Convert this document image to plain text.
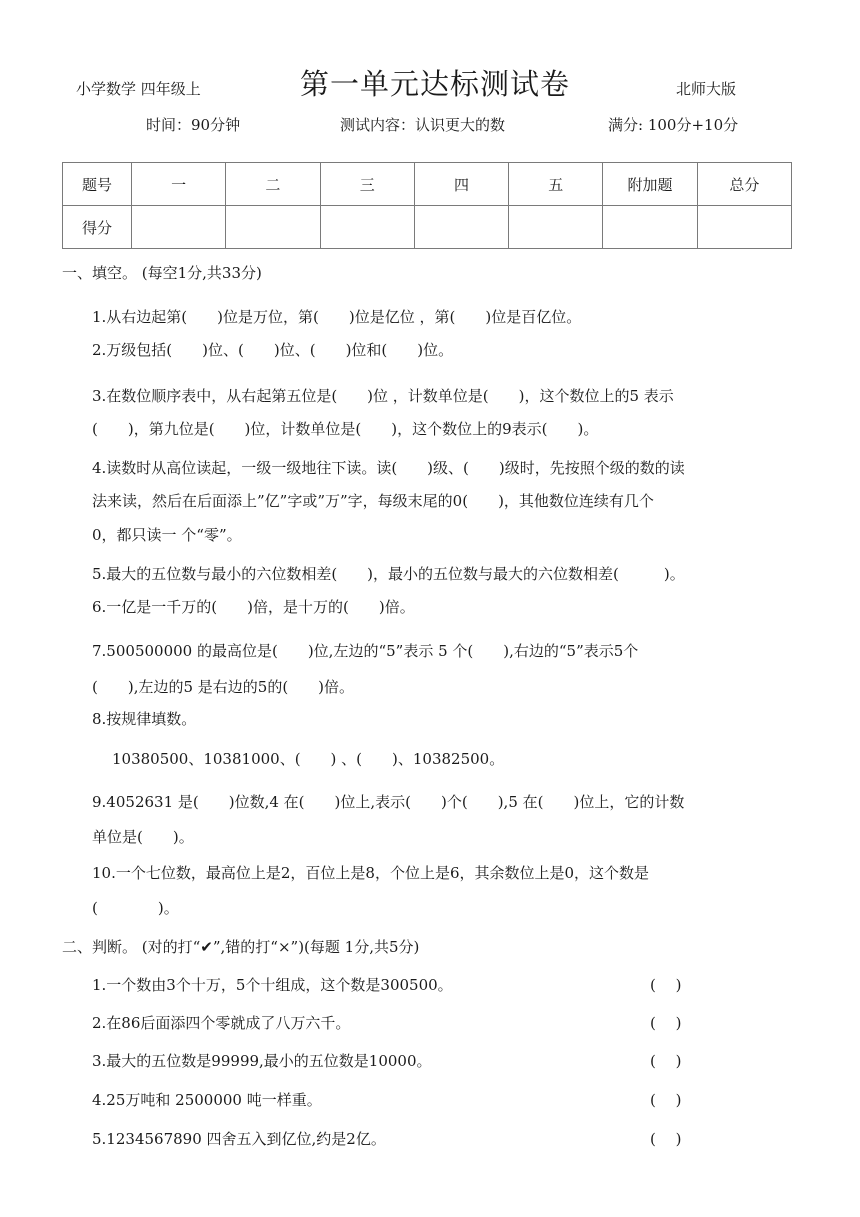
小学数学 四年级上	第一单元达标测试卷	北师大版
时间：90分钟	测试内容：认识更大的数	满分: 100分+10分
题号	一	二	三	四	五	附加题	总分
得分							
一、填空。 (每空1分,共33分)
1.从右边起第(　　)位是万位，第(　　)位是亿位 ，第(　　)位是百亿位。
2.万级包括(　　)位、(　　)位、(　　)位和(　　)位。
3.在数位顺序表中，从右起第五位是(　　)位 ，计数单位是(　　)，这个数位上的5 表示
(　　)，第九位是(　　)位，计数单位是(　　)，这个数位上的9表示(　　)。
4.读数时从高位读起，一级一级地往下读。读(　　)级、(　　)级时，先按照个级的数的读
法来读，然后在后面添上”亿”字或”万”字，每级末尾的0(　　)，其他数位连续有几个
0，都只读一 个“零”。
5.最大的五位数与最小的六位数相差(　　)，最小的五位数与最大的六位数相差(　　　)。
6.一亿是一千万的(　　)倍，是十万的(　　)倍。
7.500500000 的最高位是(　　)位,左边的“5”表示 5 个(　　),右边的“5”表示5个
(　　),左边的5 是右边的5的(　　)倍。
8.按规律填数。
10380500、10381000、(　　) 、(　　)、10382500。
9.4052631 是(　　)位数,4 在(　　)位上,表示(　　)个(　　),5 在(　　)位上，它的计数
单位是(　　)。
10.一个七位数，最高位上是2，百位上是8，个位上是6，其余数位上是0，这个数是
(　　　　)。
二、判断。 (对的打“✔”,错的打“×”)(每题 1分,共5分)
1.一个数由3个十万，5个十组成，这个数是300500。	(　 )
2.在86后面添四个零就成了八万六千。	(　 )
3.最大的五位数是99999,最小的五位数是10000。	(　 )
4.25万吨和 2500000 吨一样重。	(　 )
5.1234567890 四舍五入到亿位,约是2亿。	(　 )
